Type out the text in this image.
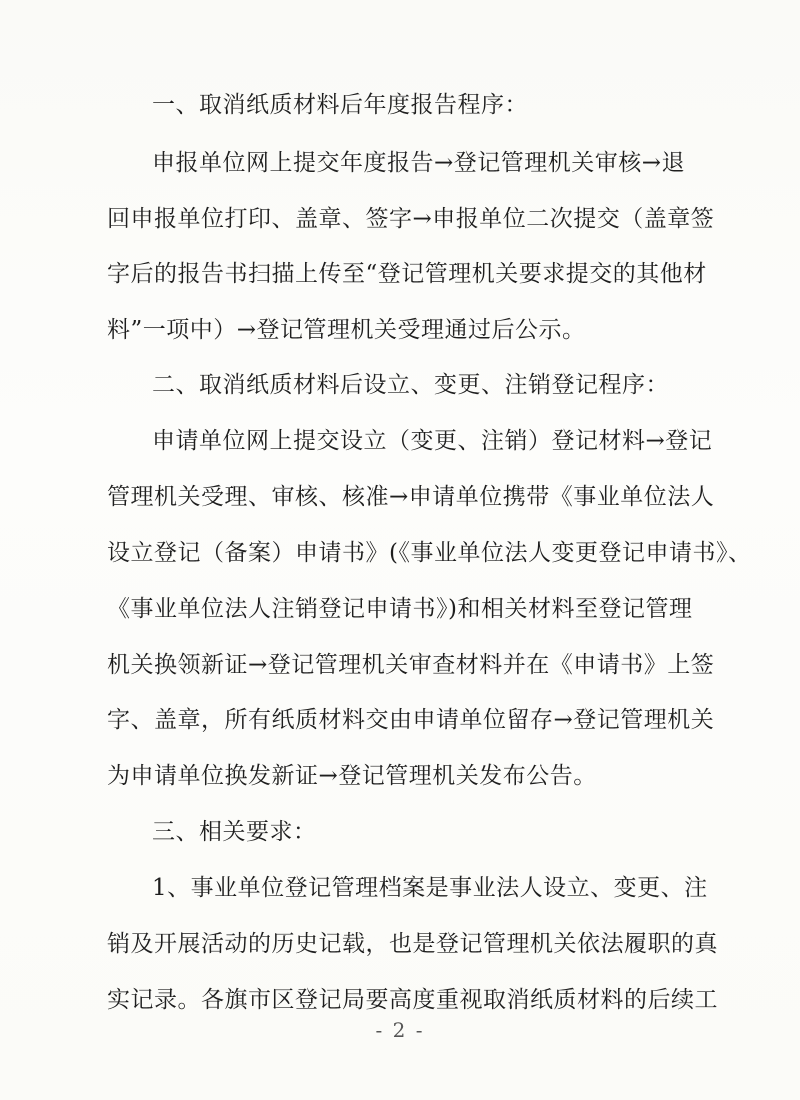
一、取消纸质材料后年度报告程序：
申报单位网上提交年度报告→登记管理机关审核→退
回申报单位打印、盖章、签字→申报单位二次提交（盖章签
字后的报告书扫描上传至“登记管理机关要求提交的其他材
料”一项中）→登记管理机关受理通过后公示。
二、取消纸质材料后设立、变更、注销登记程序：
申请单位网上提交设立（变更、注销）登记材料→登记
管理机关受理、审核、核准→申请单位携带《事业单位法人
设立登记（备案）申请书》(《事业单位法人变更登记申请书》、
《事业单位法人注销登记申请书》)和相关材料至登记管理
机关换领新证→登记管理机关审查材料并在《申请书》上签
字、盖章，所有纸质材料交由申请单位留存→登记管理机关
为申请单位换发新证→登记管理机关发布公告。
三、相关要求：
1、事业单位登记管理档案是事业法人设立、变更、注
销及开展活动的历史记载，也是登记管理机关依法履职的真
实记录。各旗市区登记局要高度重视取消纸质材料的后续工
- 2 -
